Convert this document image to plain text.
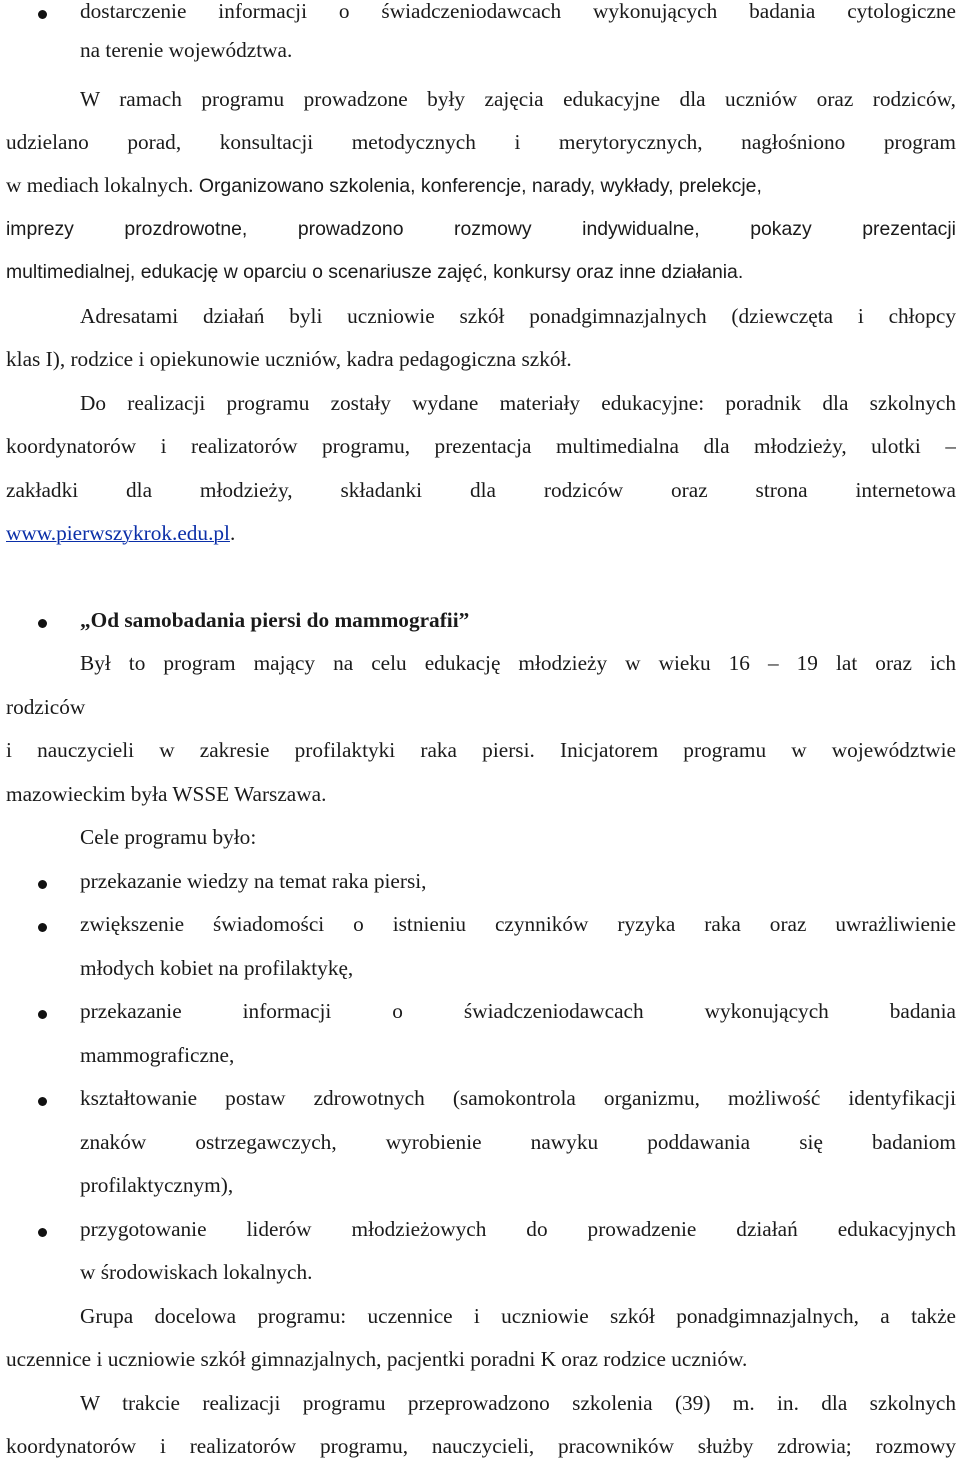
dostarczenie informacji o świadczeniodawcach wykonujących badania cytologiczne
na terenie województwa.
W ramach programu prowadzone były zajęcia edukacyjne dla uczniów oraz rodziców,
udzielano porad, konsultacji metodycznych i merytorycznych, nagłośniono program
w mediach lokalnych. Organizowano szkolenia, konferencje, narady, wykłady, prelekcje,
imprezy prozdrowotne, prowadzono rozmowy indywidualne, pokazy prezentacji
multimedialnej, edukację w oparciu o scenariusze zajęć, konkursy oraz inne działania.
Adresatami działań byli uczniowie szkół ponadgimnazjalnych (dziewczęta i chłopcy
klas I), rodzice i opiekunowie uczniów, kadra pedagogiczna szkół.
Do realizacji programu zostały wydane materiały edukacyjne: poradnik dla szkolnych
koordynatorów i realizatorów programu, prezentacja multimedialna dla młodzieży, ulotki –
zakładki dla młodzieży, składanki dla rodziców oraz strona internetowa
www.pierwszykrok.edu.pl.
„Od samobadania piersi do mammografii”
Był to program mający na celu edukację młodzieży w wieku 16 – 19 lat oraz ich
rodziców
i nauczycieli w zakresie profilaktyki raka piersi. Inicjatorem programu w województwie
mazowieckim była WSSE Warszawa.
Cele programu było:
przekazanie wiedzy na temat raka piersi,
zwiększenie świadomości o istnieniu czynników ryzyka raka oraz uwrażliwienie
młodych kobiet na profilaktykę,
przekazanie informacji o świadczeniodawcach wykonujących badania
mammograficzne,
kształtowanie postaw zdrowotnych (samokontrola organizmu, możliwość identyfikacji
znaków ostrzegawczych, wyrobienie nawyku poddawania się badaniom
profilaktycznym),
przygotowanie liderów młodzieżowych do prowadzenie działań edukacyjnych
w środowiskach lokalnych.
Grupa docelowa programu: uczennice i uczniowie szkół ponadgimnazjalnych, a także
uczennice i uczniowie szkół gimnazjalnych, pacjentki poradni K oraz rodzice uczniów.
W trakcie realizacji programu przeprowadzono szkolenia (39) m. in. dla szkolnych
koordynatorów i realizatorów programu, nauczycieli, pracowników służby zdrowia; rozmowy
